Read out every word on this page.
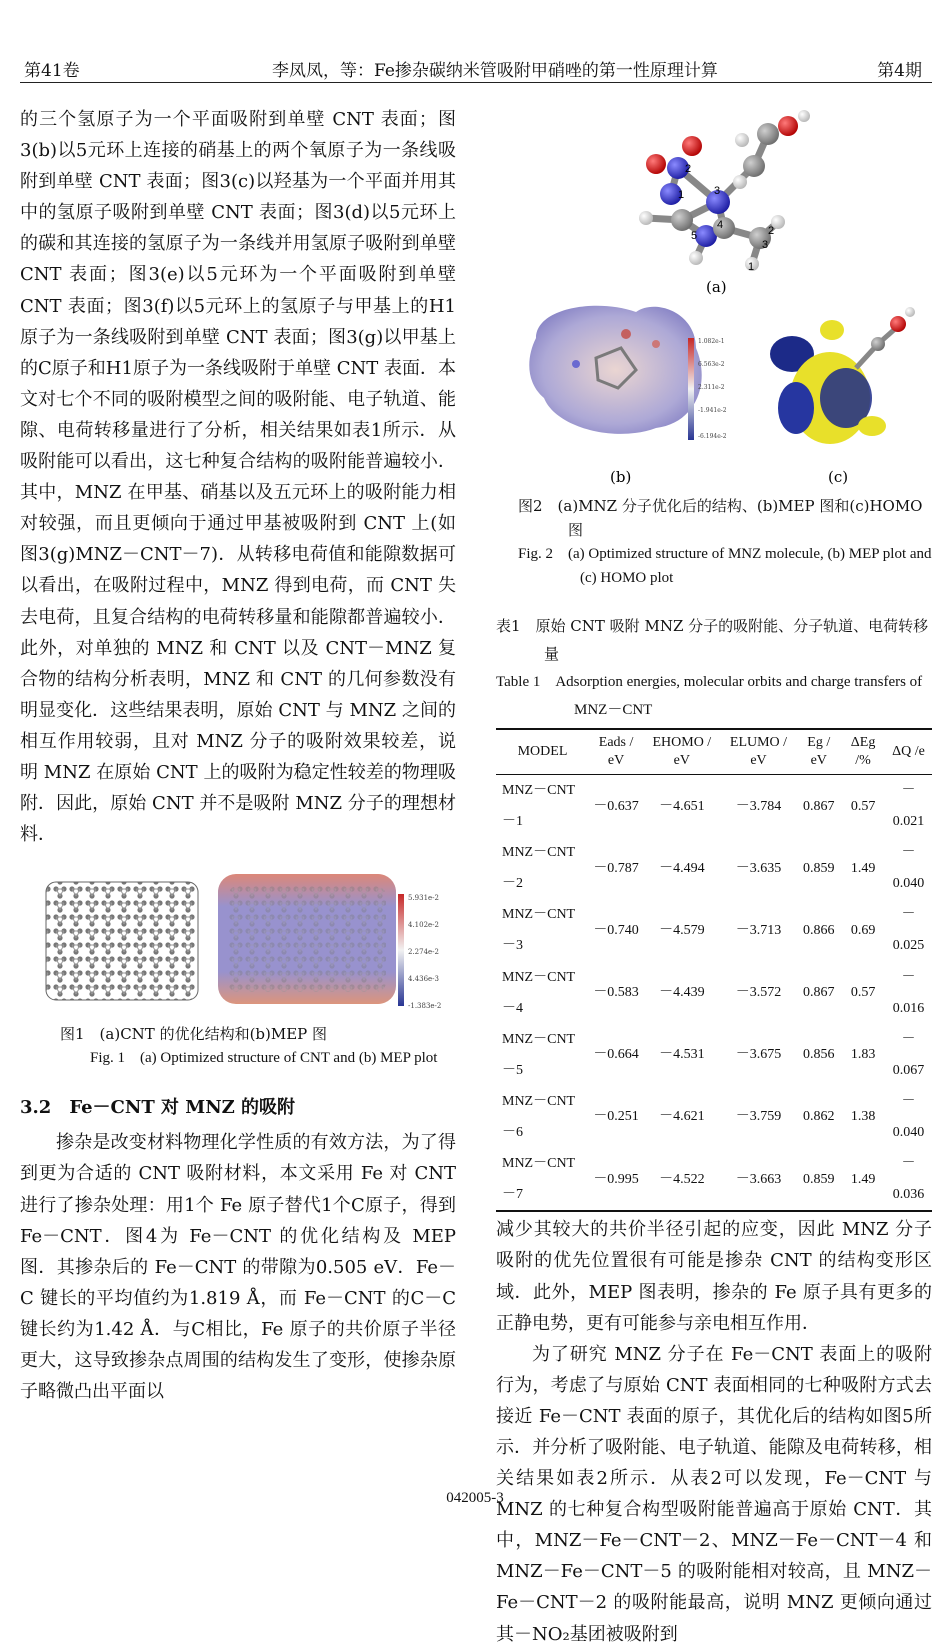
第41卷	李凤凤，等：Fe掺杂碳纳米管吸附甲硝唑的第一性原理计算	第4期

的三个氢原子为一个平面吸附到单壁 CNT 表面；图3(b)以5元环上连接的硝基上的两个氧原子为一条线吸附到单壁 CNT 表面；图3(c)以羟基为一个平面并用其中的氢原子吸附到单壁 CNT 表面；图3(d)以5元环上的碳和其连接的氢原子为一条线并用氢原子吸附到单壁 CNT 表面；图3(e)以5元环为一个平面吸附到单壁 CNT 表面；图3(f)以5元环上的氢原子与甲基上的H1原子为一条线吸附到单壁 CNT 表面；图3(g)以甲基上的C原子和H1原子为一条线吸附于单壁 CNT 表面．本文对七个不同的吸附模型之间的吸附能、电子轨道、能隙、电荷转移量进行了分析，相关结果如表1所示．从吸附能可以看出，这七种复合结构的吸附能普遍较小．其中，MNZ 在甲基、硝基以及五元环上的吸附能力相对较强，而且更倾向于通过甲基被吸附到 CNT 上(如图3(g)MNZ－CNT－7)．从转移电荷值和能隙数据可以看出，在吸附过程中，MNZ 得到电荷，而 CNT 失去电荷，且复合结构的电荷转移量和能隙都普遍较小．此外，对单独的 MNZ 和 CNT 以及 CNT－MNZ 复合物的结构分析表明，MNZ 和 CNT 的几何参数没有明显变化．这些结果表明，原始 CNT 与 MNZ 之间的相互作用较弱，且对 MNZ 分子的吸附效果较差，说明 MNZ 在原始 CNT 上的吸附为稳定性较差的物理吸附．因此，原始 CNT 并不是吸附 MNZ 分子的理想材料．

5.931e-2
4.102e-2
2.274e-2
4.436e-3
-1.383e-2
图1　(a)CNT 的优化结构和(b)MEP 图
Fig. 1　(a) Optimized structure of CNT and (b) MEP plot
3.2　Fe－CNT 对 MNZ 的吸附

掺杂是改变材料物理化学性质的有效方法，为了得到更为合适的 CNT 吸附材料，本文采用 Fe 对 CNT 进行了掺杂处理：用1个 Fe 原子替代1个C原子，得到 Fe－CNT．图4为 Fe－CNT 的优化结构及 MEP 图．其掺杂后的 Fe－CNT 的带隙为0.505 eV．Fe－C 键长的平均值约为1.819 Å，而 Fe－CNT 的C－C 键长约为1.42 Å．与C相比，Fe 原子的共价原子半径更大，这导致掺杂点周围的结构发生了变形，使掺杂原子略微凸出平面以

1
2
3
4
5
1
2
3
(a)
1.082e-1
6.563e-2
2.311e-2
-1.941e-2
-6.194e-2
(b)	(c)
图2　(a)MNZ 分子优化后的结构、(b)MEP 图和(c)HOMO 图
Fig. 2　(a) Optimized structure of MNZ molecule, (b) MEP plot and (c) HOMO plot
表1　原始 CNT 吸附 MNZ 分子的吸附能、分子轨道、电荷转移量
Table 1　Adsorption energies, molecular orbits and charge transfers of MNZ－CNT
MODEL	Eads / eV	EHOMO / eV	ELUMO / eV	Eg / eV	ΔEg /%	ΔQ /e
MNZ－CNT－1	－0.637	－4.651	－3.784	0.867	0.57	－0.021
MNZ－CNT－2	－0.787	－4.494	－3.635	0.859	1.49	－0.040
MNZ－CNT－3	－0.740	－4.579	－3.713	0.866	0.69	－0.025
MNZ－CNT－4	－0.583	－4.439	－3.572	0.867	0.57	－0.016
MNZ－CNT－5	－0.664	－4.531	－3.675	0.856	1.83	－0.067
MNZ－CNT－6	－0.251	－4.621	－3.759	0.862	1.38	－0.040
MNZ－CNT－7	－0.995	－4.522	－3.663	0.859	1.49	－0.036

减少其较大的共价半径引起的应变，因此 MNZ 分子吸附的优先位置很有可能是掺杂 CNT 的结构变形区域．此外，MEP 图表明，掺杂的 Fe 原子具有更多的正静电势，更有可能参与亲电相互作用．

为了研究 MNZ 分子在 Fe－CNT 表面上的吸附行为，考虑了与原始 CNT 表面相同的七种吸附方式去接近 Fe－CNT 表面的原子，其优化后的结构如图5所示．并分析了吸附能、电子轨道、能隙及电荷转移，相关结果如表2所示．从表2可以发现，Fe－CNT 与 MNZ 的七种复合构型吸附能普遍高于原始 CNT．其中，MNZ－Fe－CNT－2、MNZ－Fe－CNT－4 和 MNZ－Fe－CNT－5 的吸附能相对较高，且 MNZ－Fe－CNT－2 的吸附能最高，说明 MNZ 更倾向通过其－NO₂基团被吸附到

042005-3
